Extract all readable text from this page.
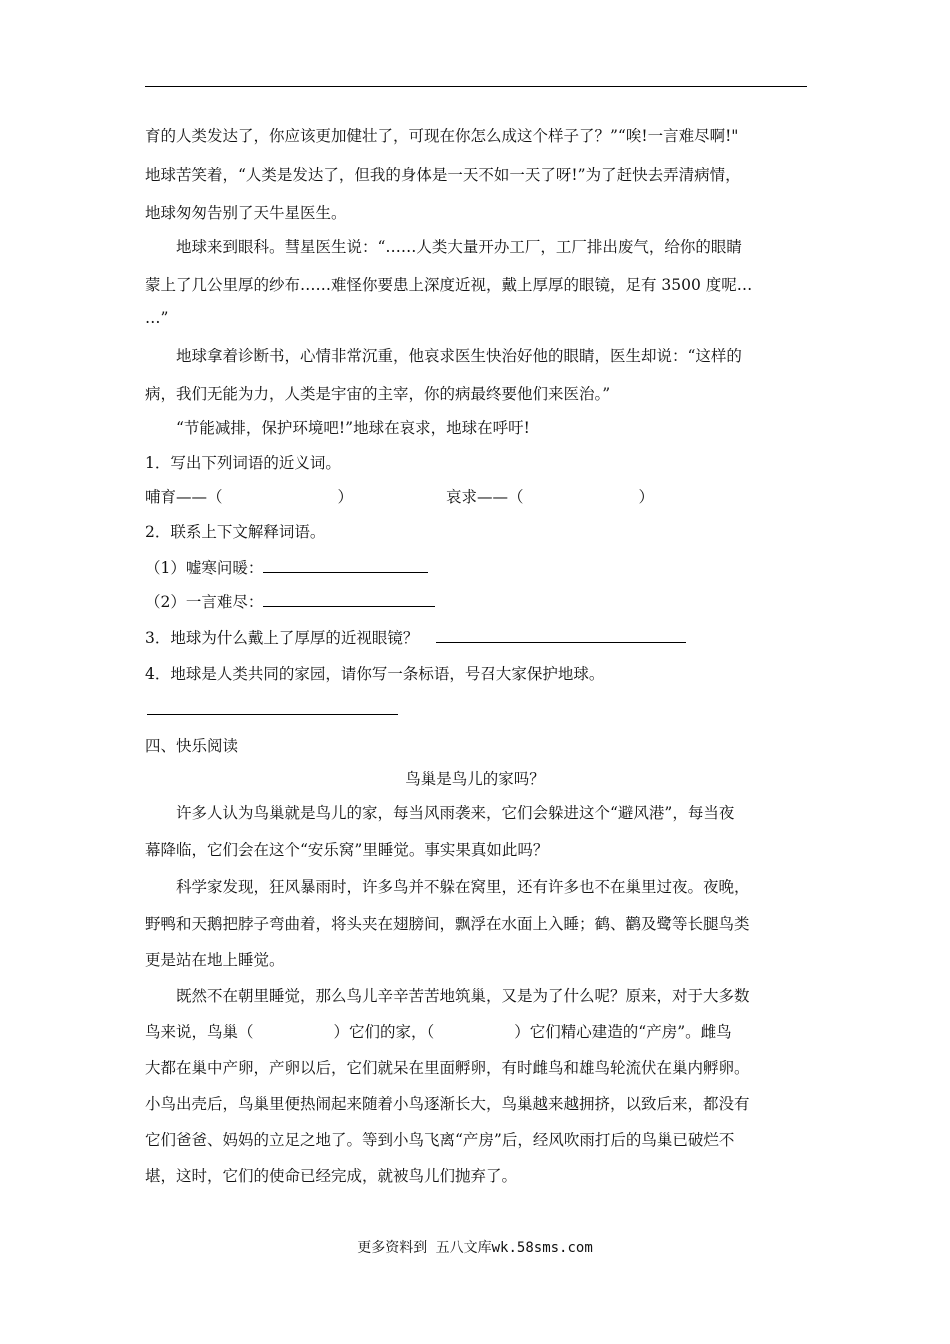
育的人类发达了，你应该更加健壮了，可现在你怎么成这个样子了？”“唉!一言难尽啊!"
地球苦笑着，“人类是发达了，但我的身体是一天不如一天了呀!”为了赶快去弄清病情，
地球匆匆告别了天牛星医生。
地球来到眼科。彗星医生说：“……人类大量开办工厂，工厂排出废气，给你的眼睛
蒙上了几公里厚的纱布……难怪你要患上深度近视，戴上厚厚的眼镜，足有 3500 度呢…
…”
地球拿着诊断书，心情非常沉重，他哀求医生快治好他的眼睛，医生却说：“这样的
病，我们无能为力，人类是宇宙的主宰，你的病最终要他们来医治。”
“节能减排，保护环境吧!”地球在哀求，地球在呼吁!
1．写出下列词语的近义词。
哺育——（	）	哀求——（	）
2．联系上下文解释词语。
（1）嘘寒问暖：
（2）一言难尽：
3．地球为什么戴上了厚厚的近视眼镜？
4．地球是人类共同的家园，请你写一条标语，号召大家保护地球。
四、快乐阅读
鸟巢是鸟儿的家吗？
许多人认为鸟巢就是鸟儿的家，每当风雨袭来，它们会躲进这个“避风港”，每当夜
幕降临，它们会在这个“安乐窝”里睡觉。事实果真如此吗？
科学家发现，狂风暴雨时，许多鸟并不躲在窝里，还有许多也不在巢里过夜。夜晚，
野鸭和天鹅把脖子弯曲着，将头夹在翅膀间，飘浮在水面上入睡；鹤、鹳及鹭等长腿鸟类
更是站在地上睡觉。
既然不在朝里睡觉，那么鸟儿辛辛苦苦地筑巢，又是为了什么呢？原来，对于大多数
鸟来说，鸟巢（	）它们的家，（	）它们精心建造的“产房”。雌鸟
大都在巢中产卵，产卵以后，它们就呆在里面孵卵，有时雌鸟和雄鸟轮流伏在巢内孵卵。
小鸟出壳后，鸟巢里便热闹起来随着小鸟逐渐长大，鸟巢越来越拥挤，以致后来，都没有
它们爸爸、妈妈的立足之地了。等到小鸟飞离“产房”后，经风吹雨打后的鸟巢已破烂不
堪，这时，它们的使命已经完成，就被鸟儿们抛弃了。
更多资料到 五八文库wk.58sms.com
